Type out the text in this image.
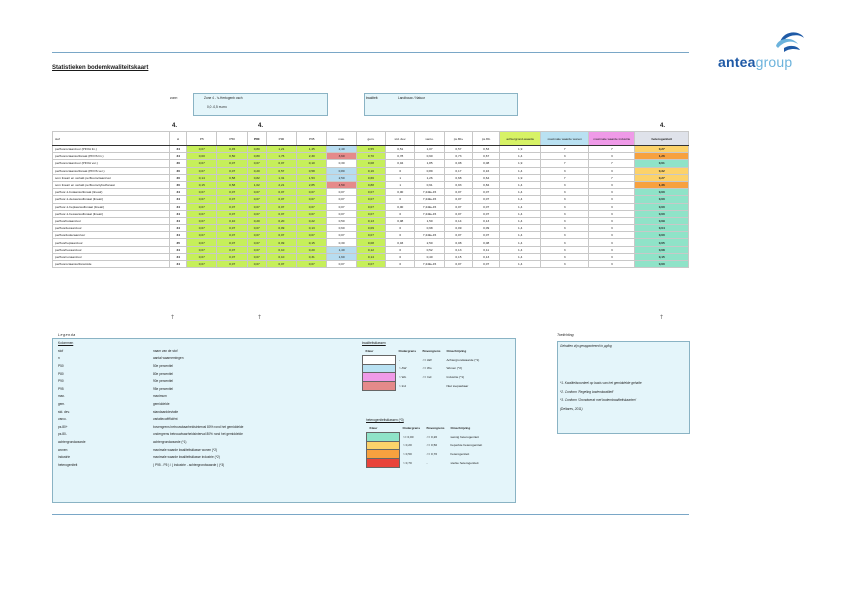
Statistieken bodemkwaliteitskaart	anteagroup
zone:	Zone 4 - 's-Hertogenb osch
0,0 -0,5 m-mv.
kwaliteit:	Landbouw / Natuur
4.	4.	4.
stof	n	P5	P50	P80	P90	P95	max.	gem.	std. dev.	varco.	ps.80+	ps.80-	achtergrond-waarde	maximale waarde wonen	maximale waarde industrie	heterogeniteit
perfluoroctaanzuur (PFOA lin.)	34	0,07	0,45	0,80	1,21	1,45	2,40	0,55	0,51	1,07	0,57	0,53	1,9	7	7	0,27
perfluoroctaansulfonaat (PFOS lin.)	34	0,00	0,50	0,80	1,76	2,30	3,60	0,70	0,78	0,90	0,73	0,67	1,4	3	3	1,26
perfluoroctaanzuur (PFOA ver.)	30	0,07	0,07	0,07	0,07	0,10	0,30	0,08	0,04	1,85	0,08	0,08	1,9	7	7	0,01
perfluoroctaansulfonaat (PFOS ver.)	30	0,07	0,07	0,20	0,57	0,58	0,80	0,16	0	0,89	0,17	0,16	1,4	3	3	0,32
som lineair en vertakt perfluoroctaanzuur	30	0,14	0,58	0,82	1,31	1,53	2,50	0,66	1	1,26	0,68	0,64	1,9	7	7	0,27
som lineair en vertakt perfluoroctylsulfonaat	30	0,15	0,58	1,02	2,21	2,85	4,50	0,88	1	0,91	0,93	0,84	1,4	3	3	1,36
perfluor-1-butaansulfonaat (lineair)	34	0,07	0,07	0,07	0,07	0,07	0,07	0,07	0,00	7,24E+15	0,07	0,07	1,4	3	3	0,00
perfluor-1-decaansulfonaat (lineair)	34	0,07	0,07	0,07	0,07	0,07	0,07	0,07	0	7,24E+15	0,07	0,07	1,4	3	3	0,00
perfluor-1-heptaansulfonaat (lineair)	34	0,07	0,07	0,07	0,07	0,07	0,07	0,07	0,00	7,24E+15	0,07	0,07	1,4	3	3	0,00
perfluor-1-hexaansulfonaat (lineair)	34	0,07	0,07	0,07	0,07	0,07	0,07	0,07	0	7,24E+15	0,07	0,07	1,4	3	3	0,00
perfluorbutaanzuur	34	0,07	0,10	0,20	0,20	0,22	0,50	0,13	0,08	1,50	0,14	0,13	1,4	3	3	0,09
perfluordecaanzuur	34	0,07	0,07	0,07	0,09	0,13	0,60	0,09	0	0,98	0,09	0,09	1,4	3	3	0,04
perfluordodecaanzuur	34	0,07	0,07	0,07	0,07	0,07	0,07	0,07	0	7,24E+15	0,07	0,07	1,4	3	3	0,00
perfluorheptaanzuur	35	0,07	0,07	0,07	0,09	0,15	0,30	0,08	0,03	2,50	0,08	0,08	1,4	3	3	0,05
perfluorhexaanzuur	34	0,07	0,07	0,07	0,10	0,20	1,40	0,12	0	0,52	0,13	0,11	1,4	3	3	0,08
perfluornonaanzuur	34	0,07	0,07	0,07	0,10	0,31	1,60	0,14	0	0,40	0,15	0,13	1,4	3	3	0,15
perfluoroctaansulfonamide	34	0,07	0,07	0,07	0,07	0,07	0,07	0,07	0	7,24E+15	0,07	0,07	1,4	3	3	0,00
🡑	🡑	🡑
Legenda
Kolommen
stof	naam van de stof
n	aantal waarnemingen
P50	50e percentiel
P80	80e percentiel
P90	90e percentiel
P95	95e percentiel
max.	maximum
gem.	gemiddelde
std. dev.	standaarddeviatie
varco.	variatiecoëfficiënt
ps.80+	bovengrens betrouwbaarheidsinterval 80% rond het gemiddelde
ps.80-	ondergrens betrouwbaarheidsinterval 80% rond het gemiddelde
achtergrondwaarde	achtergrondwaarde (*1)
wonen	maximale waarde kwaliteitsklasse wonen (*2)
industrie	maximale waarde kwaliteitsklasse industrie (*2)
heterogeniteit	( P95 - P5 ) / ( industrie - achtergrondwaarde ) (*3)
kwaliteitsklassen
Kleur	Ondergrens	Bovengrens	Omschrijving
	-	<= AW	Achtergrondwaarde (*1)
	> AW	<= Wo	Wonen (*2)
	> Wo	<= Ind	Industrie (*1)
	> Ind		Niet toepasbaar
heterogeniteitsklassen (*3)
Kleur	Ondergrens	Bovengrens	Omschrijving
	>= 0,00	<= 0,20	weinig heterogeniteit
	> 0,20	<= 0,50	beperkte heterogeniteit
	> 0,50	<= 0,70	heterogeniteit
	> 0,70	-	sterke heterogeniteit
Toelichting
Gehalten zijn gerapporteerd in µg/kg
*1. Kwaliteitsoordeel op basis van het gemiddelde gehalte
*2. Conform 'Regeling bodemkwaliteit'
*3. Conform 'Grondwerat met bodemkwaliteitskaarten'
(Deltares, 2011)
